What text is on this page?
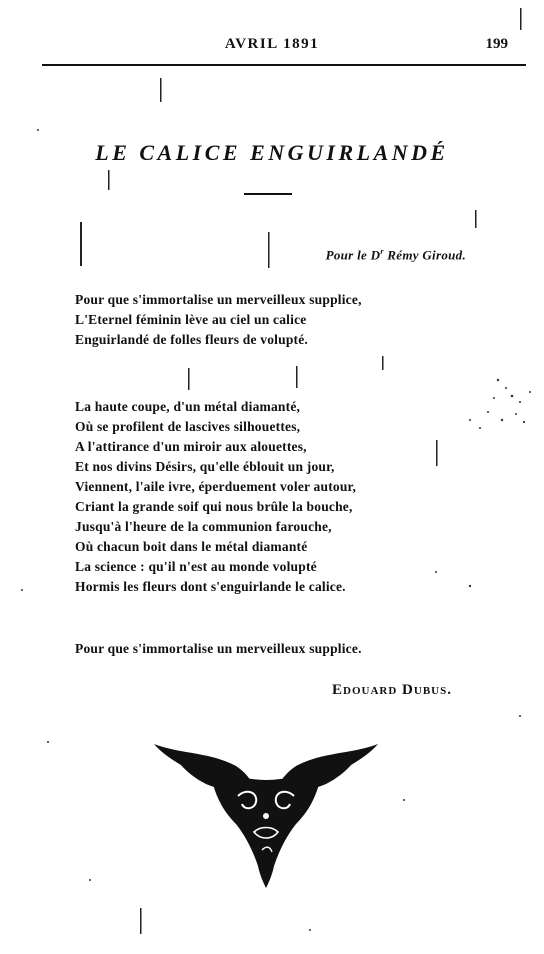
AVRIL 1891	199
LE CALICE ENGUIRLANDÉ
Pour le $D^r$ Rémy Giroud.
Pour que s'immortalise un merveilleux supplice,
L'Eternel féminin lève au ciel un calice
Enguirlandé de folles fleurs de volupté.
La haute coupe, d'un métal diamanté,
Où se profilent de lascives silhouettes,
A l'attirance d'un miroir aux alouettes,
Et nos divins Désirs, qu'elle éblouit un jour,
Viennent, l'aile ivre, éperduement voler autour,
Criant la grande soif qui nous brûle la bouche,
Jusqu'à l'heure de la communion farouche,
Où chacun boit dans le métal diamanté
La science : qu'il n'est au monde volupté
Hormis les fleurs dont s'enguirlande le calice.
Pour que s'immortalise un merveilleux supplice.
Edouard Dubus.
